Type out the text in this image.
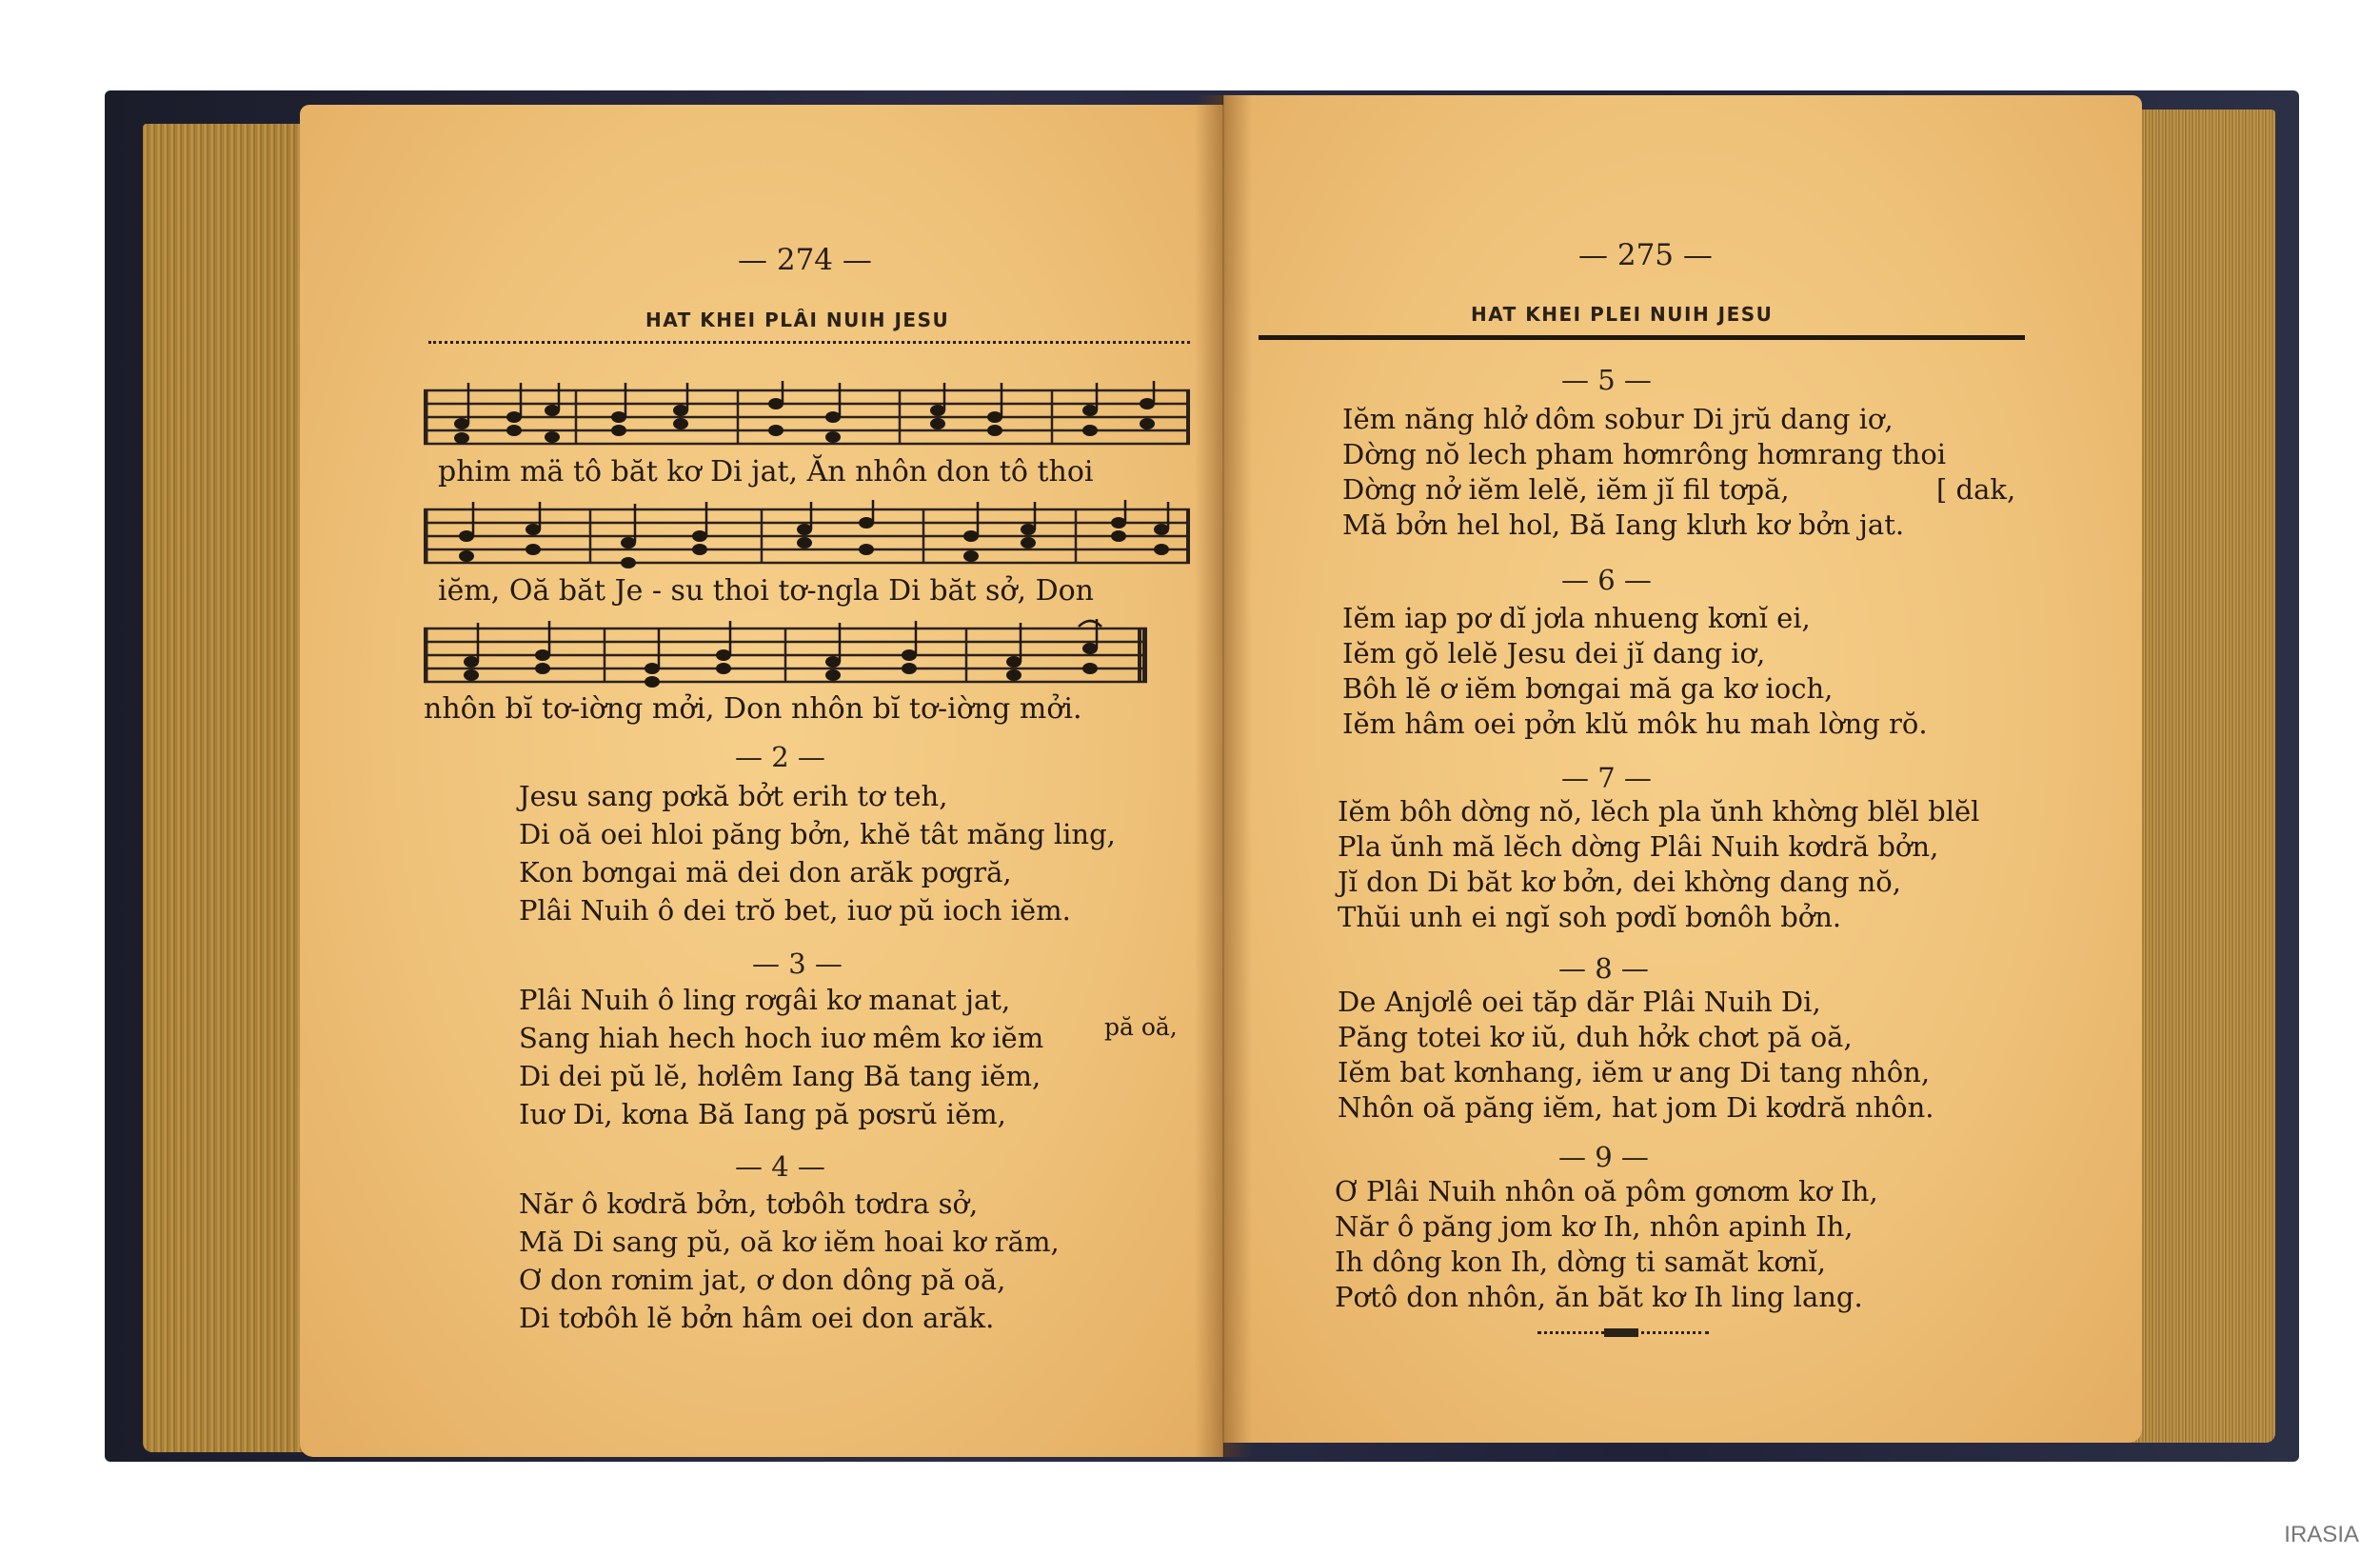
— 274 —
HAT KHEI PLÂI NUIH JESU
phim mä tô băt kơ Di jat, Ăn nhôn don tô thoi
iĕm, Oă băt Je - su thoi tơ-ngla Di băt sở, Don
nhôn bĭ tơ-iờng mởi, Don nhôn bĭ tơ-iờng mởi.
— 2 —
Jesu sang pơkă bởt erih tơ teh,
Di oă oei hloi păng bởn, khĕ tât măng ling,
Kon bơngai mä dei don arăk pơgră,
Plâi Nuih ô dei trŏ bet, iuơ pŭ ioch iĕm.
— 3 —
Plâi Nuih ô ling rơgâi kơ manat jat,
Sang hiah hech hoch iuơ mêm kơ iĕm	pă oă,
Di dei pŭ lĕ, hơlêm Iang Bă tang iĕm,
Iuơ Di, kơna Bă Iang pă pơsrŭ iĕm,
— 4 —
Năr ô kơdră bởn, tơbôh tơdra sở,
Mă Di sang pŭ, oă kơ iĕm hoai kơ răm,
Ơ don rơnim jat, ơ don dông pă oă,
Di tơbôh lĕ bởn hâm oei don arăk.
— 275 —
HAT KHEI PLEI NUIH JESU
— 5 —
Iĕm năng hlở dôm sobur Di jrŭ dang iơ,
Dờng nŏ lech pham hơmrông hơmrang thoi
Dờng nở iĕm lelĕ, iĕm jĭ fil tơpă,	[ dak,
Mă bởn hel hol, Bă Iang klưh kơ bởn jat.
— 6 —
Iĕm iap pơ dĭ jơla nhueng kơnĭ ei,
Iĕm gŏ lelĕ Jesu dei jĭ dang iơ,
Bôh lĕ ơ iĕm bơngai mă ga kơ ioch,
Iĕm hâm oei pởn klŭ môk hu mah lờng rŏ.
— 7 —
Iĕm bôh dờng nŏ, lĕch pla ŭnh khờng blĕl blĕl
Pla ŭnh mă lĕch dờng Plâi Nuih kơdră bởn,
Jĭ don Di băt kơ bởn, dei khờng dang nŏ,
Thŭi unh ei ngĭ soh pơdĭ bơnôh bởn.
— 8 —
De Anjơlê oei tăp dăr Plâi Nuih Di,
Păng totei kơ iŭ, duh hởk chơt pă oă,
Iĕm bat kơnhang, iĕm ư ang Di tang nhôn,
Nhôn oă păng iĕm, hat jom Di kơdră nhôn.
— 9 —
Ơ Plâi Nuih nhôn oă pôm gơnơm kơ Ih,
Năr ô păng jom kơ Ih, nhôn apinh Ih,
Ih dông kon Ih, dờng ti samăt kơnĭ,
Pơtô don nhôn, ăn băt kơ Ih ling lang.
IRASIA
